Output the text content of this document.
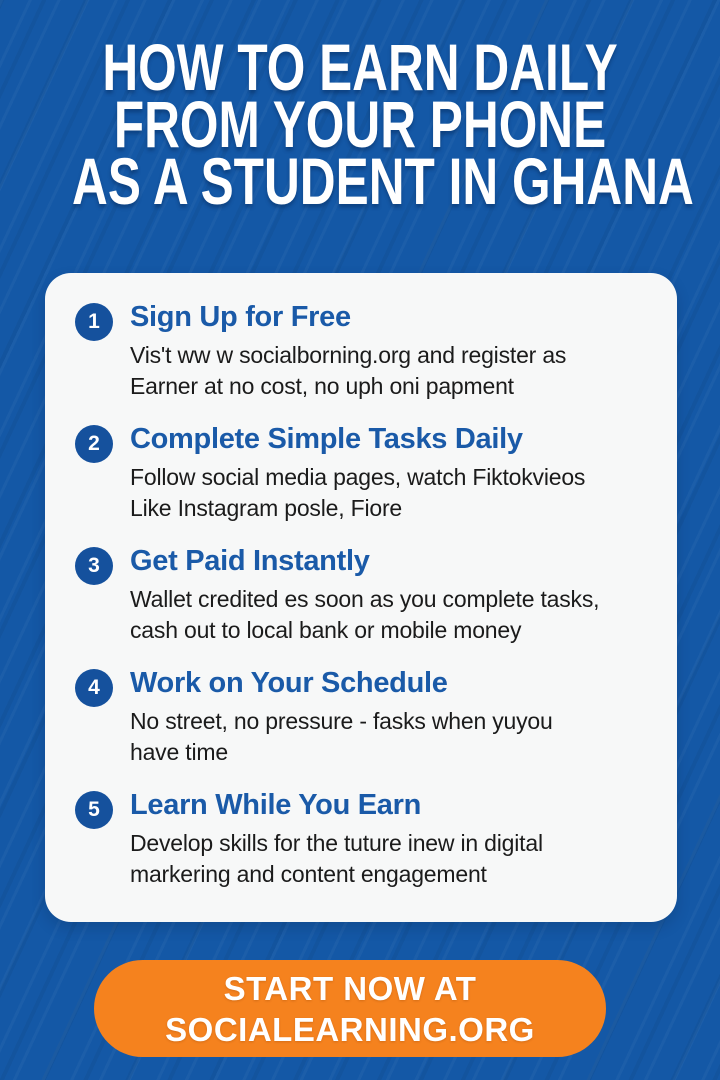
HOW TO EARN DAILY
FROM YOUR PHONE
AS A STUDENT IN GHANA
1	Sign Up for Free
Vis't ww w socialborning.org and register as
Earner at no cost, no uph oni papment
2	Complete Simple Tasks Daily
Follow social media pages, watch Fiktokvieos
Like Instagram posle, Fiore
3	Get Paid Instantly
Wallet credited es soon as you complete tasks,
cash out to local bank or mobile money
4	Work on Your Schedule
No street, no pressure - fasks when yuyou
have time
5	Learn While You Earn
Develop skills for the tuture inew in digital
markering and content engagement
START NOW AT
SOCIALEARNING.ORG
